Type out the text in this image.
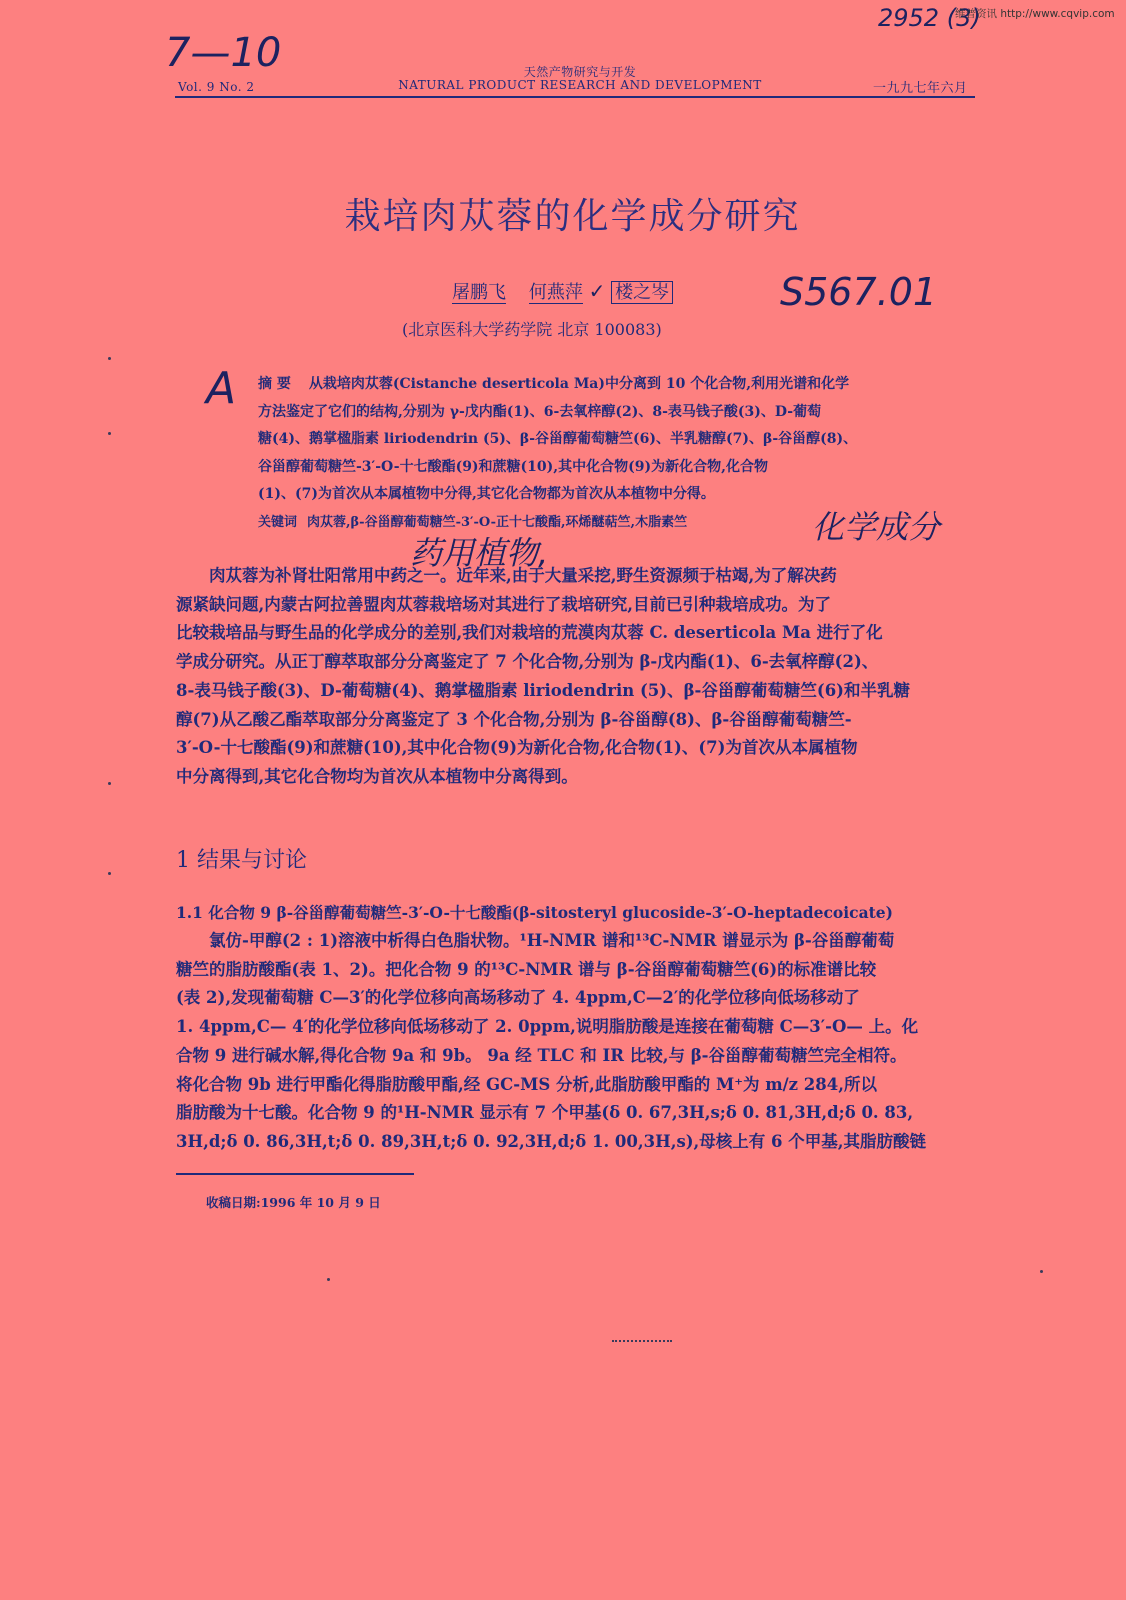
2952 (3)
维普资讯 http://www.cqvip.com
7—10
Vol. 9 No. 2
天然产物研究与开发
NATURAL PRODUCT RESEARCH AND DEVELOPMENT	一九九七年六月
栽培肉苁蓉的化学成分研究
屠鹏飞 何燕萍 ✓ 楼之岑	S567.01
(北京医科大学药学院 北京 100083)
A 摘 要 从栽培肉苁蓉(Cistanche deserticola Ma)中分离到 10 个化合物,利用光谱和化学
方法鉴定了它们的结构,分别为 γ-戊内酯(1)、6-去氧梓醇(2)、8-表马钱子酸(3)、D-葡萄
糖(4)、鹅掌楹脂素 liriodendrin (5)、β-谷甾醇葡萄糖竺(6)、半乳糖醇(7)、β-谷甾醇(8)、
谷甾醇葡萄糖竺-3′-O-十七酸酯(9)和蔗糖(10),其中化合物(9)为新化合物,化合物
(1)、(7)为首次从本属植物中分得,其它化合物都为首次从本植物中分得。
关键词 肉苁蓉,β-谷甾醇葡萄糖竺-3′-O-正十七酸酯,环烯醚萜竺,木脂素竺	化学成分
药用植物,
肉苁蓉为补肾壮阳常用中药之一。近年来,由于大量采挖,野生资源频于枯竭,为了解决药
源紧缺问题,内蒙古阿拉善盟肉苁蓉栽培场对其进行了栽培研究,目前已引种栽培成功。为了
比较栽培品与野生品的化学成分的差别,我们对栽培的荒漠肉苁蓉 C. deserticola Ma 进行了化
学成分研究。从正丁醇萃取部分分离鉴定了 7 个化合物,分别为 β-戊内酯(1)、6-去氧梓醇(2)、
8-表马钱子酸(3)、D-葡萄糖(4)、鹅掌楹脂素 liriodendrin (5)、β-谷甾醇葡萄糖竺(6)和半乳糖
醇(7)从乙酸乙酯萃取部分分离鉴定了 3 个化合物,分别为 β-谷甾醇(8)、β-谷甾醇葡萄糖竺-
3′-O-十七酸酯(9)和蔗糖(10),其中化合物(9)为新化合物,化合物(1)、(7)为首次从本属植物
中分离得到,其它化合物均为首次从本植物中分离得到。
1 结果与讨论
1.1 化合物 9 β-谷甾醇葡萄糖竺-3′-O-十七酸酯(β-sitosteryl glucoside-3′-O-heptadecoicate)
氯仿-甲醇(2 : 1)溶液中析得白色脂状物。¹H-NMR 谱和¹³C-NMR 谱显示为 β-谷甾醇葡萄
糖竺的脂肪酸酯(表 1、2)。把化合物 9 的¹³C-NMR 谱与 β-谷甾醇葡萄糖竺(6)的标准谱比较
(表 2),发现葡萄糖 C—3′的化学位移向高场移动了 4. 4ppm,C—2′的化学位移向低场移动了
1. 4ppm,C— 4′的化学位移向低场移动了 2. 0ppm,说明脂肪酸是连接在葡萄糖 C—3′-O— 上。化
合物 9 进行碱水解,得化合物 9a 和 9b。 9a 经 TLC 和 IR 比较,与 β-谷甾醇葡萄糖竺完全相符。
将化合物 9b 进行甲酯化得脂肪酸甲酯,经 GC-MS 分析,此脂肪酸甲酯的 M⁺为 m/z 284,所以
脂肪酸为十七酸。化合物 9 的¹H-NMR 显示有 7 个甲基(δ 0. 67,3H,s;δ 0. 81,3H,d;δ 0. 83,
3H,d;δ 0. 86,3H,t;δ 0. 89,3H,t;δ 0. 92,3H,d;δ 1. 00,3H,s),母核上有 6 个甲基,其脂肪酸链
收稿日期:1996 年 10 月 9 日
